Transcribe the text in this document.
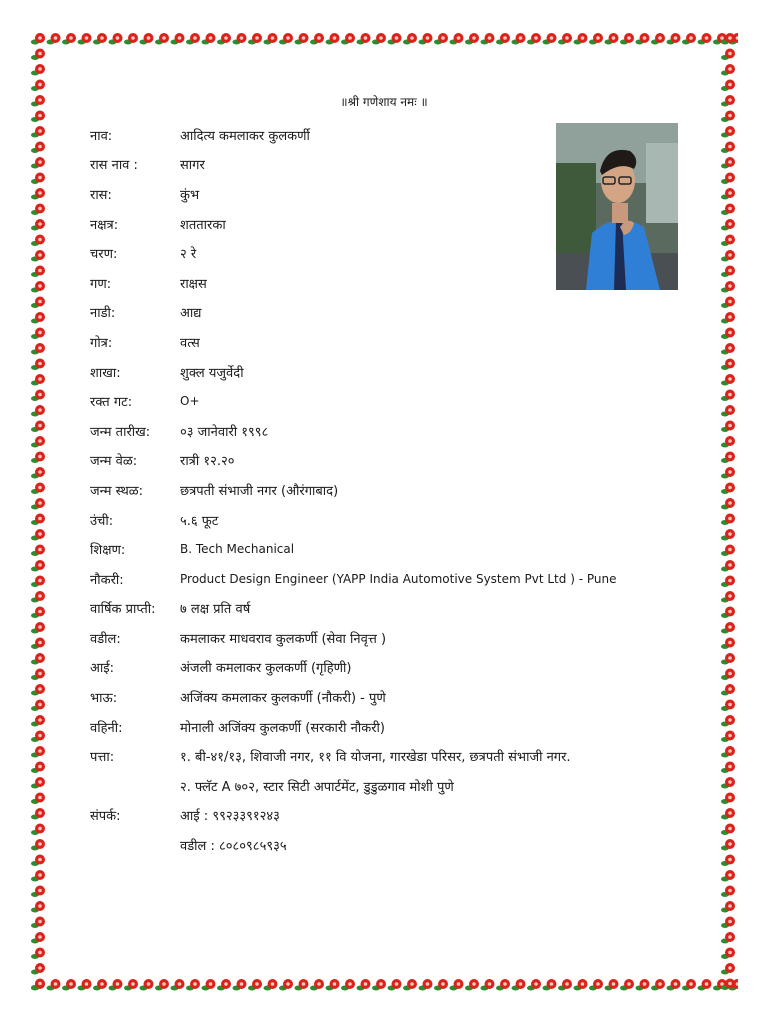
॥श्री गणेशाय नमः ॥
नाव:	आदित्य कमलाकर कुलकर्णी
रास नाव :	सागर
रास:	कुंभ
नक्षत्र:	शततारका
चरण:	२ रे
गण:	राक्षस
नाडी:	आद्य
गोत्र:	वत्स
शाखा:	शुक्ल यजुर्वेदी
रक्त गट:	O+
जन्म तारीख:	०३ जानेवारी १९९८
जन्म वेळ:	रात्री १२.२०
जन्म स्थळ:	छत्रपती संभाजी नगर (औरंगाबाद)
उंची:	५.६ फूट
शिक्षण:	B. Tech Mechanical
नौकरी:	Product Design Engineer (YAPP India Automotive System Pvt Ltd ) - Pune
वार्षिक प्राप्ती:	७ लक्ष प्रति वर्ष
वडील:	कमलाकर माधवराव कुलकर्णी (सेवा निवृत्त )
आई:	अंजली कमलाकर कुलकर्णी (गृहिणी)
भाऊ:	अजिंक्य कमलाकर कुलकर्णी (नौकरी) - पुणे
वहिनी:	मोनाली अजिंक्य कुलकर्णी (सरकारी नौकरी)
पत्ता:	१. बी-४१/१३, शिवाजी नगर, ११ वि योजना, गारखेडा परिसर, छत्रपती संभाजी नगर.
२. फ्लॅट A ७०२, स्टार सिटी अपार्टमेंट, डुडुळगाव मोशी पुणे
संपर्क:	आई : ९९२३३९१२४३
वडील : ८०८०९८५९३५
